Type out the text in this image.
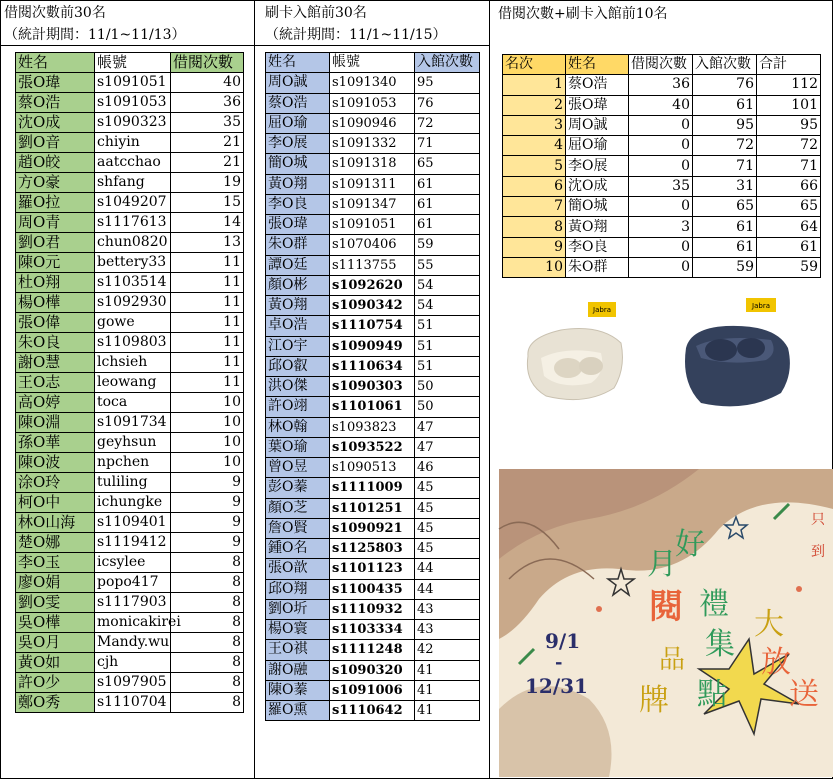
借閱次數前30名
（統計期間：11/1~11/13）
姓名	帳號	借閱次數
張O瑋	s1091051	40
蔡O浩	s1091053	36
沈O成	s1090323	35
劉O音	chiyin	21
趙O皎	aatcchao	21
方O豪	shfang	19
羅O拉	s1049207	15
周O青	s1117613	14
劉O君	chun0820	13
陳O元	bettery33	11
杜O翔	s1103514	11
楊O樺	s1092930	11
張O偉	gowe	11
朱O良	s1109803	11
謝O慧	lchsieh	11
王O志	leowang	11
高O婷	toca	10
陳O淵	s1091734	10
孫O華	geyhsun	10
陳O波	npchen	10
涂O玲	tuliling	9
柯O中	ichungke	9
林O山海	s1109401	9
楚O娜	s1119412	9
李O玉	icsylee	8
廖O娟	popo417	8
劉O雯	s1117903	8
吳O樺	monicakirei	8
吳O月	Mandy.wu	8
黃O如	cjh	8
許O少	s1097905	8
鄭O秀	s1110704	8
刷卡入館前30名
（統計期間：11/1~11/15）
姓名	帳號	入館次數
周O誠	s1091340	95
蔡O浩	s1091053	76
屈O瑜	s1090946	72
李O展	s1091332	71
簡O城	s1091318	65
黃O翔	s1091311	61
李O良	s1091347	61
張O瑋	s1091051	61
朱O群	s1070406	59
譚O廷	s1113755	55
顏O彬	s1092620	54
黃O翔	s1090342	54
卓O浩	s1110754	51
江O宇	s1090949	51
邱O叡	s1110634	51
洪O傑	s1090303	50
許O翊	s1101061	50
林O翰	s1093823	47
葉O瑜	s1093522	47
曾O昱	s1090513	46
彭O蓁	s1111009	45
顏O芝	s1101251	45
詹O賢	s1090921	45
鍾O名	s1125803	45
張O歆	s1101123	44
邱O翔	s1100435	44
劉O圻	s1110932	43
楊O寰	s1103334	43
王O祺	s1111248	42
謝O融	s1090320	41
陳O蓁	s1091006	41
羅O熏	s1110642	41
借閱次數+刷卡入館前10名
名次	姓名	借閱次數	入館次數	合計
1	蔡O浩	36	76	112
2	張O瑋	40	61	101
3	周O誠	0	95	95
4	屈O瑜	0	72	72
5	李O展	0	71	71
6	沈O成	35	31	66
7	簡O城	0	65	65
8	黃O翔	3	61	64
9	李O良	0	61	61
10	朱O群	0	59	59
Jabra	Jabra
9/1
-
12/31
月
好
閱 禮
品 集
牌 點
大
放
送
只
到
